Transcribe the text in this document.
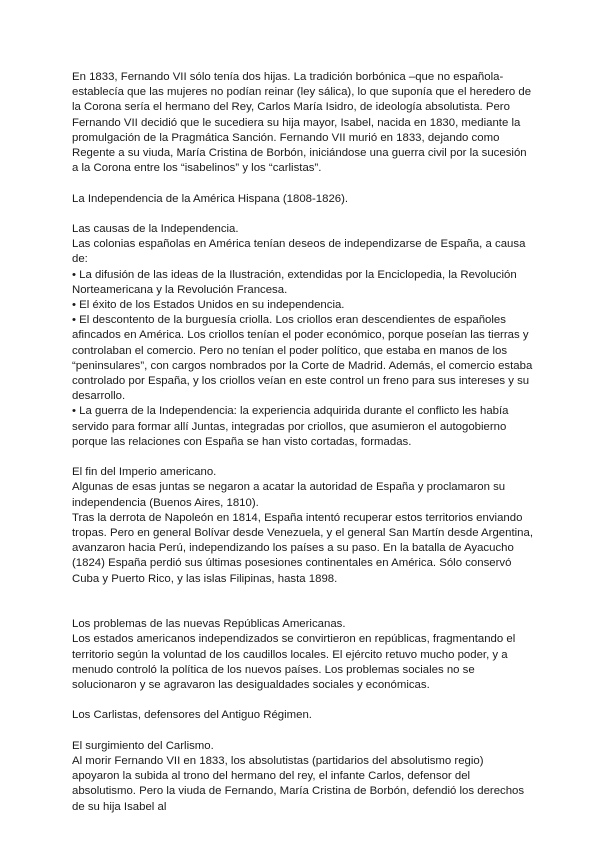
En 1833, Fernando VII sólo tenía dos hijas. La tradición borbónica –que no española- establecía que las mujeres no podían reinar (ley sálica), lo que suponía que el heredero de la Corona sería el hermano del Rey, Carlos María Isidro, de ideología absolutista. Pero Fernando VII decidió que le sucediera su hija mayor, Isabel, nacida en 1830, mediante la promulgación de la Pragmática Sanción. Fernando VII murió en 1833, dejando como Regente a su viuda, María Cristina de Borbón, iniciándose una guerra civil por la sucesión a la Corona entre los “isabelinos” y los “carlistas”.

La Independencia de la América Hispana (1808-1826).

Las causas de la Independencia.

Las colonias españolas en América tenían deseos de independizarse de España, a causa de:

• La difusión de las ideas de la Ilustración, extendidas por la Enciclopedia, la Revolución Norteamericana y la Revolución Francesa.

• El éxito de los Estados Unidos en su independencia.

• El descontento de la burguesía criolla. Los criollos eran descendientes de españoles afincados en América. Los criollos tenían el poder económico, porque poseían las tierras y controlaban el comercio. Pero no tenían el poder político, que estaba en manos de los “peninsulares”, con cargos nombrados por la Corte de Madrid. Además, el comercio estaba controlado por España, y los criollos veían en este control un freno para sus intereses y su desarrollo.

• La guerra de la Independencia: la experiencia adquirida durante el conflicto les había servido para formar allí Juntas, integradas por criollos, que asumieron el autogobierno porque las relaciones con España se han visto cortadas, formadas.

El fin del Imperio americano.

Algunas de esas juntas se negaron a acatar la autoridad de España y proclamaron su independencia (Buenos Aires, 1810).

Tras la derrota de Napoleón en 1814, España intentó recuperar estos territorios enviando tropas. Pero en general Bolívar desde Venezuela, y el general San Martín desde Argentina, avanzaron hacia Perú, independizando los países a su paso. En la batalla de Ayacucho (1824) España perdió sus últimas posesiones continentales en América. Sólo conservó Cuba y Puerto Rico, y las islas Filipinas, hasta 1898.

Los problemas de las nuevas Repúblicas Americanas.

Los estados americanos independizados se convirtieron en repúblicas, fragmentando el territorio según la voluntad de los caudillos locales. El ejército retuvo mucho poder, y a menudo controló la política de los nuevos países. Los problemas sociales no se solucionaron y se agravaron las desigualdades sociales y económicas.

Los Carlistas, defensores del Antiguo Régimen.

El surgimiento del Carlismo.

Al morir Fernando VII en 1833, los absolutistas (partidarios del absolutismo regio) apoyaron la subida al trono del hermano del rey, el infante Carlos, defensor del absolutismo. Pero la viuda de Fernando, María Cristina de Borbón, defendió los derechos de su hija Isabel al
